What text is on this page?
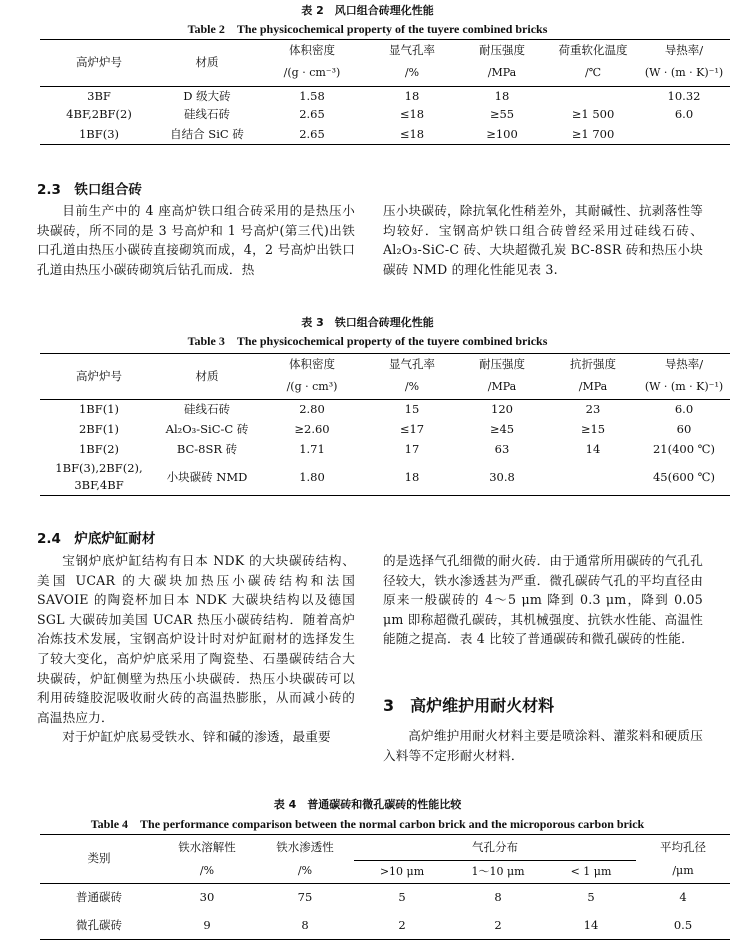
表 2　风口组合砖理化性能
Table 2　The physicochemical property of the tuyere combined bricks
高炉炉号	材质	体积密度	显气孔率	耐压强度	荷重软化温度	导热率/
		/(g · cm⁻³)	/%	/MPa	/℃	(W · (m · K)⁻¹)
3BF	D 级大砖	1.58	18	18		10.32
4BF,2BF(2)	硅线石砖	2.65	≤18	≥55	≥1 500	6.0
1BF(3)	自结合 SiC 砖	2.65	≤18	≥100	≥1 700	
2.3　铁口组合砖

目前生产中的 4 座高炉铁口组合砖采用的是热压小块碳砖，所不同的是 3 号高炉和 1 号高炉(第三代)出铁口孔道由热压小碳砖直接砌筑而成，4，2 号高炉出铁口孔道由热压小碳砖砌筑后钻孔而成．热

压小块碳砖，除抗氧化性稍差外，其耐碱性、抗剥落性等均较好．宝钢高炉铁口组合砖曾经采用过硅线石砖、Al₂O₃-SiC-C 砖、大块超微孔炭 BC-8SR 砖和热压小块碳砖 NMD 的理化性能见表 3.

表 3　铁口组合砖理化性能
Table 3　The physicochemical property of the tuyere combined bricks
高炉炉号	材质	体积密度	显气孔率	耐压强度	抗折强度	导热率/
		/(g · cm³)	/%	/MPa	/MPa	(W · (m · K)⁻¹)
1BF(1)	硅线石砖	2.80	15	120	23	6.0
2BF(1)	Al₂O₃-SiC-C 砖	≥2.60	≤17	≥45	≥15	60
1BF(2)	BC-8SR 砖	1.71	17	63	14	21(400 ℃)

1BF(3),2BF(2),
3BF,4BF	小块碳砖 NMD	1.80	18	30.8		45(600 ℃)
2.4　炉底炉缸耐材

宝钢炉底炉缸结构有日本 NDK 的大块碳砖结构、美国 UCAR 的大碳块加热压小碳砖结构和法国 SAVOIE 的陶瓷杯加日本 NDK 大碳块结构以及德国 SGL 大碳砖加美国 UCAR 热压小碳砖结构．随着高炉冶炼技术发展，宝钢高炉设计时对炉缸耐材的选择发生了较大变化，高炉炉底采用了陶瓷垫、石墨碳砖结合大块碳砖，炉缸侧壁为热压小块碳砖．热压小块碳砖可以利用砖缝胶泥吸收耐火砖的高温热膨胀，从而减小砖的高温热应力．

对于炉缸炉底易受铁水、锌和碱的渗透，最重要

的是选择气孔细微的耐火砖．由于通常所用碳砖的气孔孔径较大，铁水渗透甚为严重．微孔碳砖气孔的平均直径由原来一般碳砖的 4～5 μm 降到 0.3 μm，降到 0.05 μm 即称超微孔碳砖，其机械强度、抗铁水性能、高温性能随之提高．表 4 比较了普通碳砖和微孔碳砖的性能．

3　高炉维护用耐火材料

高炉维护用耐火材料主要是喷涂料、灌浆料和硬质压入料等不定形耐火材料．

表 4　普通碳砖和微孔碳砖的性能比较
Table 4　The performance comparison between the normal carbon brick and the microporous carbon brick
类别	铁水溶解性	铁水渗透性	气孔分布			平均孔径
	/%	/%	>10 μm	1～10 μm	< 1 μm	/μm
普通碳砖	30	75	5	8	5	4
微孔碳砖	9	8	2	2	14	0.5
